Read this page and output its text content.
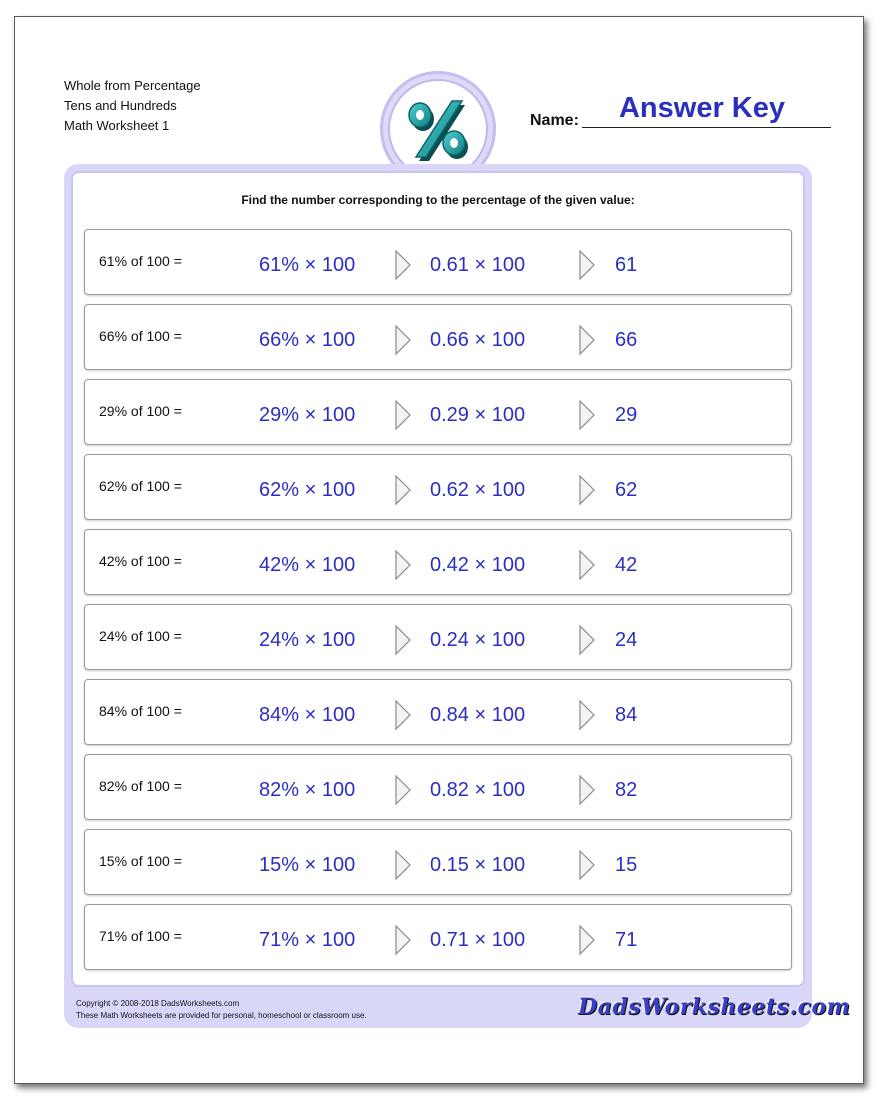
Whole from Percentage
Tens and Hundreds
Math Worksheet 1	Name:	Answer Key
Find the number corresponding to the percentage of the given value:
61% of 100 =	61% × 100	0.61 × 100	61
66% of 100 =	66% × 100	0.66 × 100	66
29% of 100 =	29% × 100	0.29 × 100	29
62% of 100 =	62% × 100	0.62 × 100	62
42% of 100 =	42% × 100	0.42 × 100	42
24% of 100 =	24% × 100	0.24 × 100	24
84% of 100 =	84% × 100	0.84 × 100	84
82% of 100 =	82% × 100	0.82 × 100	82
15% of 100 =	15% × 100	0.15 × 100	15
71% of 100 =	71% × 100	0.71 × 100	71
Copyright © 2008-2018 DadsWorksheets.com
These Math Worksheets are provided for personal, homeschool or classroom use.	DadsWorksheets.com
